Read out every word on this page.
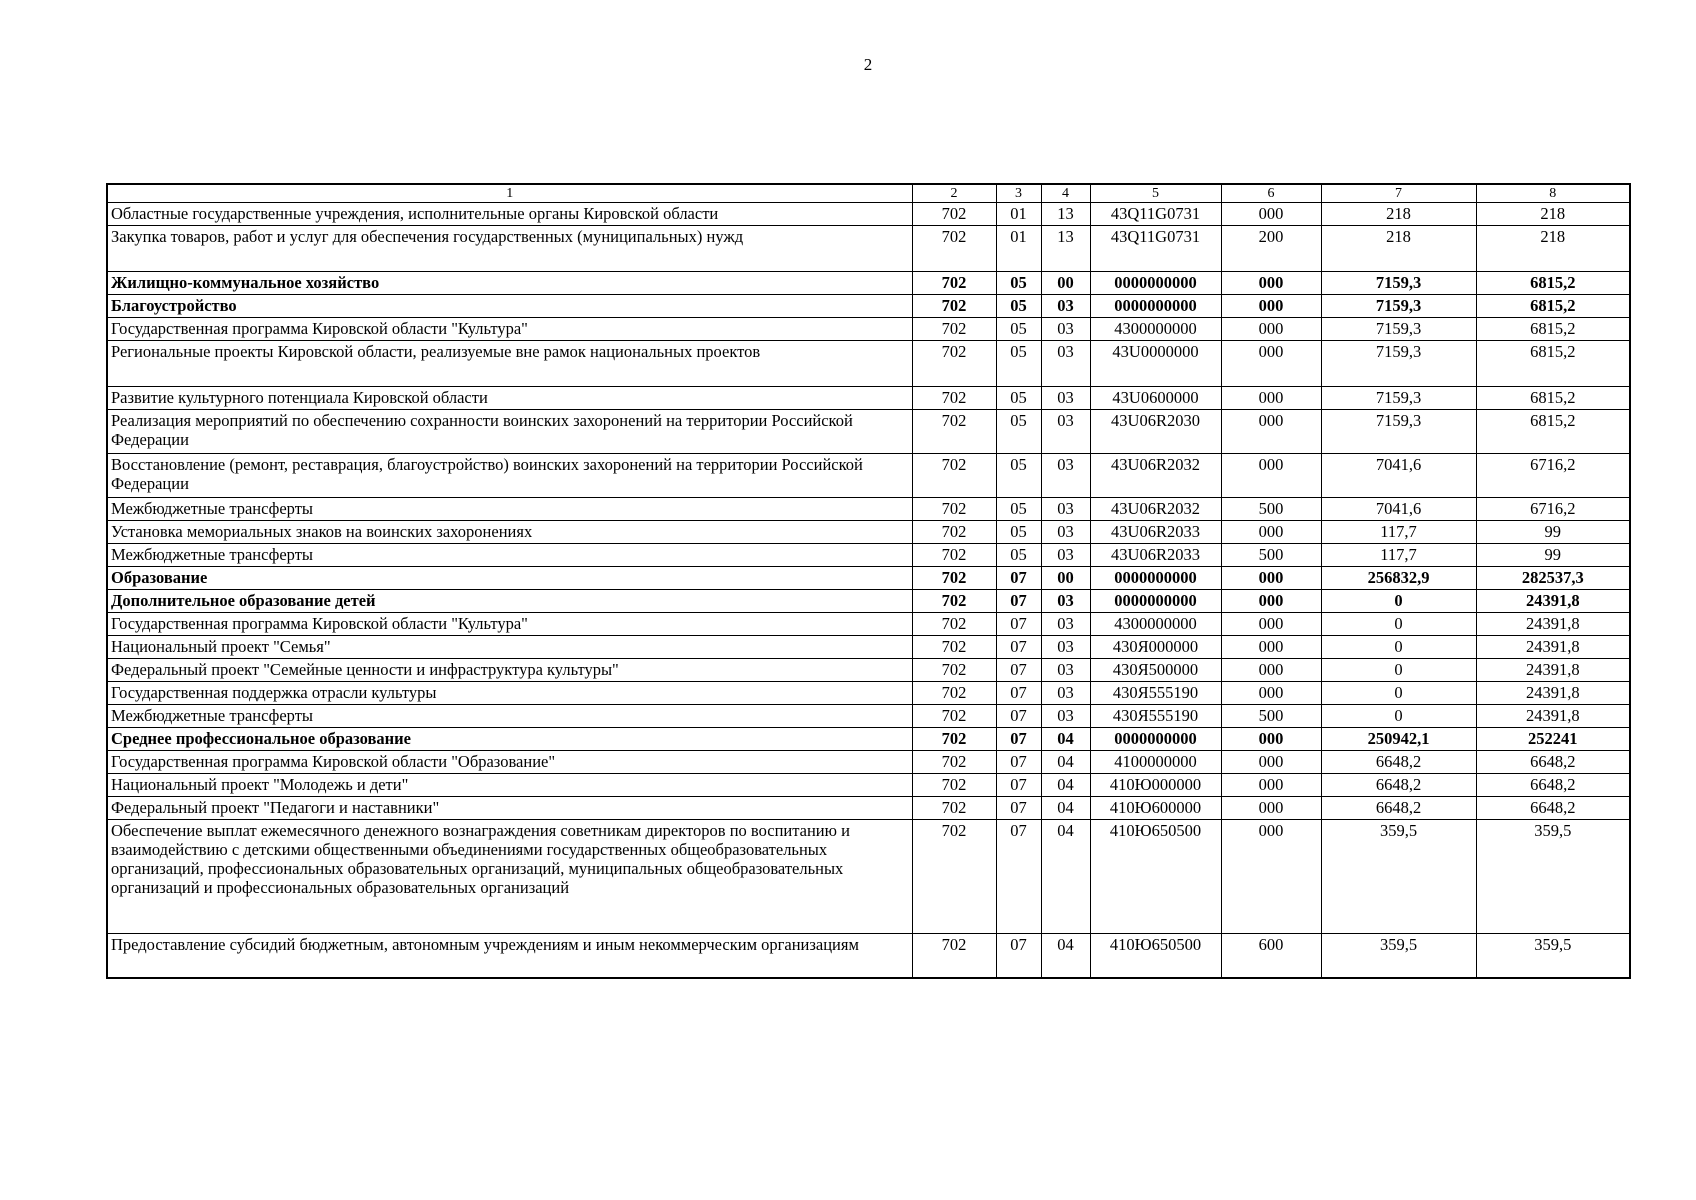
2
1	2	3	4	5	6	7	8
Областные государственные учреждения, исполнительные органы Кировской области	702	01	13	43Q11G0731	000	218	218
Закупка товаров, работ и услуг для обеспечения государственных (муниципальных) нужд	702	01	13	43Q11G0731	200	218	218
Жилищно-коммунальное хозяйство	702	05	00	0000000000	000	7159,3	6815,2
Благоустройство	702	05	03	0000000000	000	7159,3	6815,2
Государственная программа Кировской области "Культура"	702	05	03	4300000000	000	7159,3	6815,2
Региональные проекты Кировской области, реализуемые вне рамок национальных проектов	702	05	03	43U0000000	000	7159,3	6815,2
Развитие культурного потенциала Кировской области	702	05	03	43U0600000	000	7159,3	6815,2
Реализация мероприятий по обеспечению сохранности воинских захоронений на территории Российской Федерации	702	05	03	43U06R2030	000	7159,3	6815,2
Восстановление (ремонт, реставрация, благоустройство) воинских захоронений на территории Российской Федерации	702	05	03	43U06R2032	000	7041,6	6716,2
Межбюджетные трансферты	702	05	03	43U06R2032	500	7041,6	6716,2
Установка мемориальных знаков на воинских захоронениях	702	05	03	43U06R2033	000	117,7	99
Межбюджетные трансферты	702	05	03	43U06R2033	500	117,7	99
Образование	702	07	00	0000000000	000	256832,9	282537,3
Дополнительное образование детей	702	07	03	0000000000	000	0	24391,8
Государственная программа Кировской области "Культура"	702	07	03	4300000000	000	0	24391,8
Национальный проект "Семья"	702	07	03	430Я000000	000	0	24391,8
Федеральный проект "Семейные ценности и инфраструктура культуры"	702	07	03	430Я500000	000	0	24391,8
Государственная поддержка отрасли культуры	702	07	03	430Я555190	000	0	24391,8
Межбюджетные трансферты	702	07	03	430Я555190	500	0	24391,8
Среднее профессиональное образование	702	07	04	0000000000	000	250942,1	252241
Государственная программа Кировской области "Образование"	702	07	04	4100000000	000	6648,2	6648,2
Национальный проект "Молодежь и дети"	702	07	04	410Ю000000	000	6648,2	6648,2
Федеральный проект "Педагоги и наставники"	702	07	04	410Ю600000	000	6648,2	6648,2
Обеспечение выплат ежемесячного денежного вознаграждения советникам директоров по воспитанию и взаимодействию с детскими общественными объединениями государственных общеобразовательных организаций, профессиональных образовательных организаций, муниципальных общеобразовательных организаций и профессиональных образовательных организаций	702	07	04	410Ю650500	000	359,5	359,5
Предоставление субсидий бюджетным, автономным учреждениям и иным некоммерческим организациям	702	07	04	410Ю650500	600	359,5	359,5
